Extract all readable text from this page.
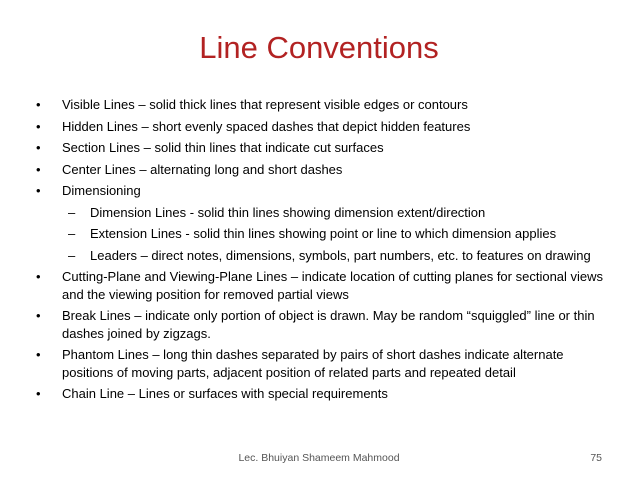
Line Conventions
•	Visible Lines – solid thick lines that represent visible edges or contours
•	Hidden Lines – short evenly spaced dashes that depict hidden features
•	Section Lines – solid thin lines that indicate cut surfaces
•	Center Lines – alternating long and short dashes
•	Dimensioning
– Dimension Lines - solid thin lines showing dimension extent/direction
– Extension Lines - solid thin lines showing point or line to which dimension applies
– Leaders – direct notes, dimensions, symbols, part numbers, etc. to features on drawing
•	Cutting-Plane and Viewing-Plane Lines – indicate location of cutting planes for sectional views and the viewing position for removed partial views
•	Break Lines – indicate only portion of object is drawn. May be random “squiggled” line or thin dashes joined by zigzags.
•	Phantom Lines – long thin dashes separated by pairs of short dashes indicate alternate positions of moving parts, adjacent position of related parts and repeated detail
•	Chain Line – Lines or surfaces with special requirements
Lec. Bhuiyan Shameem Mahmood	75
